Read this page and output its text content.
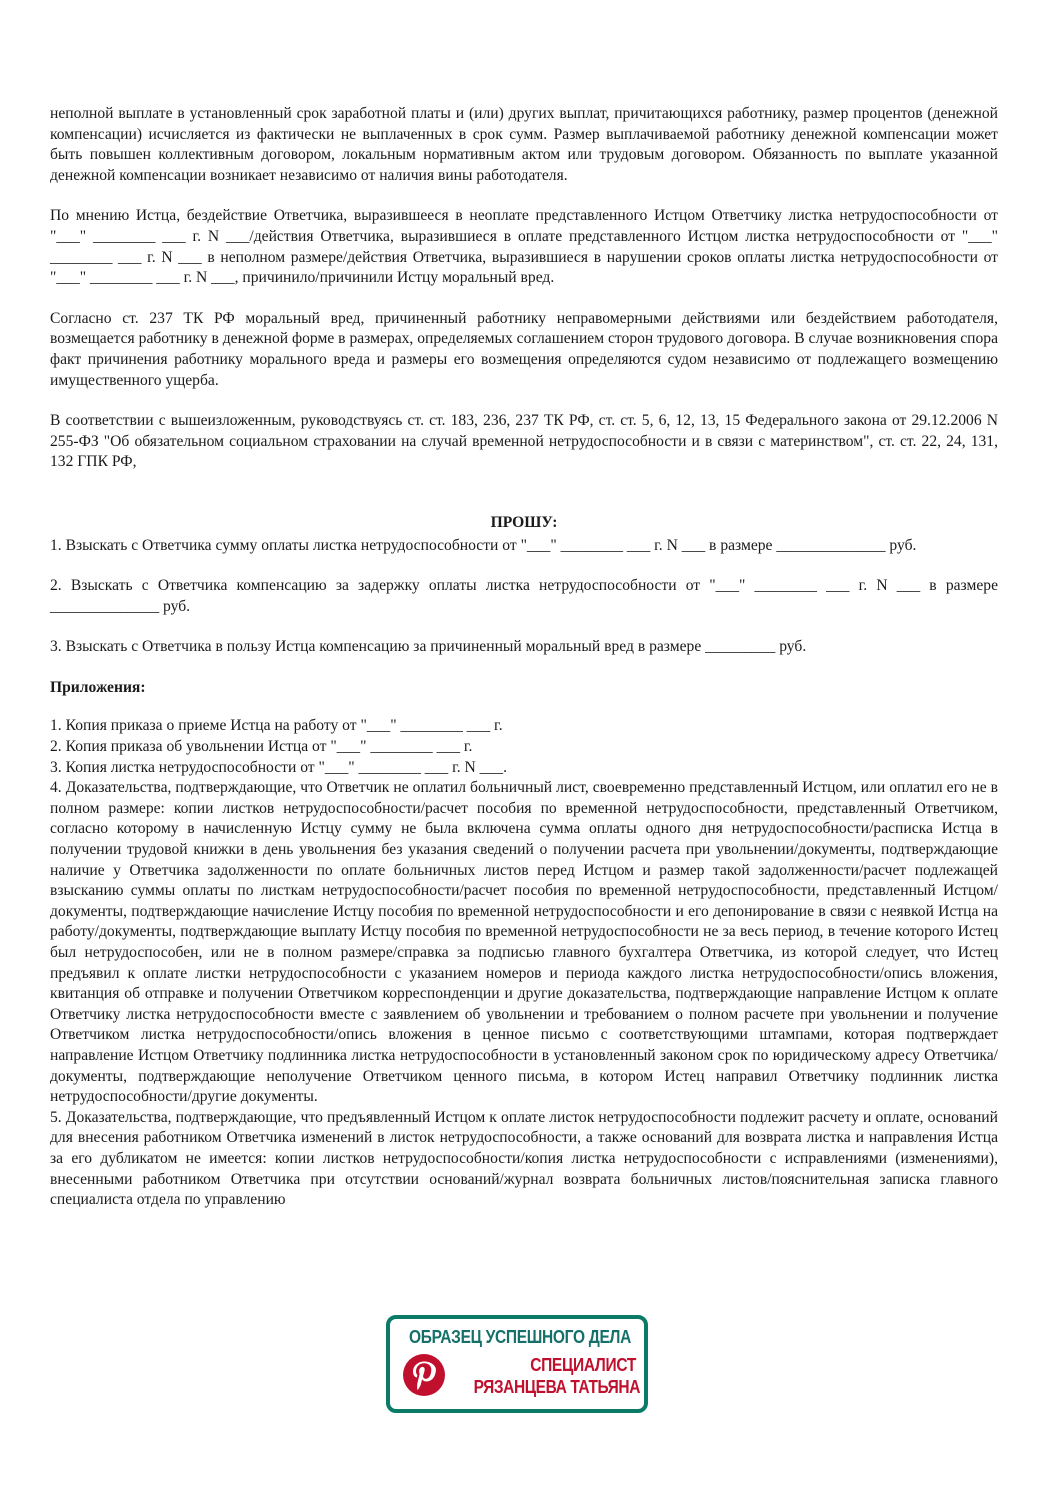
неполной выплате в установленный срок заработной платы и (или) других выплат, причитающихся работнику, размер процентов (денежной компенсации) исчисляется из фактически не выплаченных в срок сумм. Размер выплачиваемой работнику денежной компенсации может быть повышен коллективным договором, локальным нормативным актом или трудовым договором. Обязанность по выплате указанной денежной компенсации возникает независимо от наличия вины работодателя.

По мнению Истца, бездействие Ответчика, выразившееся в неоплате представленного Истцом Ответчику листка нетрудоспособности от "___" ________ ___ г. N ___/действия Ответчика, выразившиеся в оплате представленного Истцом листка нетрудоспособности от "___" ________ ___ г. N ___ в неполном размере/действия Ответчика, выразившиеся в нарушении сроков оплаты листка нетрудоспособности от "___" ________ ___ г. N ___, причинило/причинили Истцу моральный вред.

Согласно ст. 237 ТК РФ моральный вред, причиненный работнику неправомерными действиями или бездействием работодателя, возмещается работнику в денежной форме в размерах, определяемых соглашением сторон трудового договора. В случае возникновения спора факт причинения работнику морального вреда и размеры его возмещения определяются судом независимо от подлежащего возмещению имущественного ущерба.

В соответствии с вышеизложенным, руководствуясь ст. ст. 183, 236, 237 ТК РФ, ст. ст. 5, 6, 12, 13, 15 Федерального закона от 29.12.2006 N 255-ФЗ "Об обязательном социальном страховании на случай временной нетрудоспособности и в связи с материнством", ст. ст. 22, 24, 131, 132 ГПК РФ,

ПРОШУ:

1. Взыскать с Ответчика сумму оплаты листка нетрудоспособности от "___" ________ ___ г. N ___ в размере ______________ руб.

2. Взыскать с Ответчика компенсацию за задержку оплаты листка нетрудоспособности от "___" ________ ___ г. N ___ в размере ______________ руб.

3. Взыскать с Ответчика в пользу Истца компенсацию за причиненный моральный вред в размере _________ руб.

Приложения:

1. Копия приказа о приеме Истца на работу от "___" ________ ___ г.

2. Копия приказа об увольнении Истца от "___" ________ ___ г.

3. Копия листка нетрудоспособности от "___" ________ ___ г. N ___.

4. Доказательства, подтверждающие, что Ответчик не оплатил больничный лист, своевременно представленный Истцом, или оплатил его не в полном размере: копии листков нетрудоспособности/расчет пособия по временной нетрудоспособности, представленный Ответчиком, согласно которому в начисленную Истцу сумму не была включена сумма оплаты одного дня нетрудоспособности/расписка Истца в получении трудовой книжки в день увольнения без указания сведений о получении расчета при увольнении/документы, подтверждающие наличие у Ответчика задолженности по оплате больничных листов перед Истцом и размер такой задолженности/расчет подлежащей взысканию суммы оплаты по листкам нетрудоспособности/расчет пособия по временной нетрудоспособности, представленный Истцом/документы, подтверждающие начисление Истцу пособия по временной нетрудоспособности и его депонирование в связи с неявкой Истца на работу/документы, подтверждающие выплату Истцу пособия по временной нетрудоспособности не за весь период, в течение которого Истец был нетрудоспособен, или не в полном размере/справка за подписью главного бухгалтера Ответчика, из которой следует, что Истец предъявил к оплате листки нетрудоспособности с указанием номеров и периода каждого листка нетрудоспособности/опись вложения, квитанция об отправке и получении Ответчиком корреспонденции и другие доказательства, подтверждающие направление Истцом к оплате Ответчику листка нетрудоспособности вместе с заявлением об увольнении и требованием о полном расчете при увольнении и получение Ответчиком листка нетрудоспособности/опись вложения в ценное письмо с соответствующими штампами, которая подтверждает направление Истцом Ответчику подлинника листка нетрудоспособности в установленный законом срок по юридическому адресу Ответчика/документы, подтверждающие неполучение Ответчиком ценного письма, в котором Истец направил Ответчику подлинник листка нетрудоспособности/другие документы.

5. Доказательства, подтверждающие, что предъявленный Истцом к оплате листок нетрудоспособности подлежит расчету и оплате, оснований для внесения работником Ответчика изменений в листок нетрудоспособности, а также оснований для возврата листка и направления Истца за его дубликатом не имеется: копии листков нетрудоспособности/копия листка нетрудоспособности с исправлениями (изменениями), внесенными работником Ответчика при отсутствии оснований/журнал возврата больничных листов/пояснительная записка главного специалиста отдела по управлению

ОБРАЗЕЦ УСПЕШНОГО ДЕЛА
СПЕЦИАЛИСТ
РЯЗАНЦЕВА ТАТЬЯНА
